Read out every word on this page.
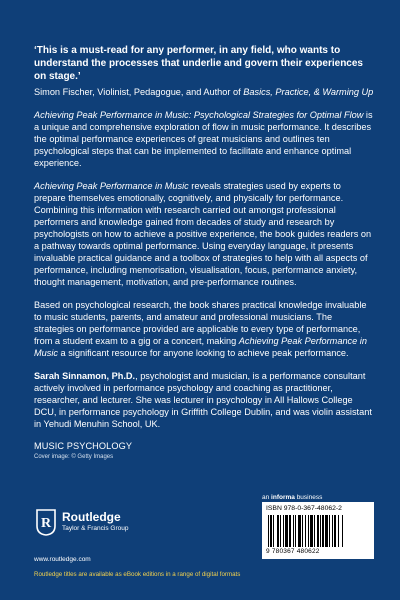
‘This is a must-read for any performer, in any field, who wants to understand the processes that underlie and govern their experiences on stage.’

Simon Fischer, Violinist, Pedagogue, and Author of Basics, Practice, & Warming Up

Achieving Peak Performance in Music: Psychological Strategies for Optimal Flow is a unique and comprehensive exploration of flow in music performance. It describes the optimal performance experiences of great musicians and outlines ten psychological steps that can be implemented to facilitate and enhance optimal experience.

Achieving Peak Performance in Music reveals strategies used by experts to prepare themselves emotionally, cognitively, and physically for performance. Combining this information with research carried out amongst professional performers and knowledge gained from decades of study and research by psychologists on how to achieve a positive experience, the book guides readers on a pathway towards optimal performance. Using everyday language, it presents invaluable practical guidance and a toolbox of strategies to help with all aspects of performance, including memorisation, visualisation, focus, performance anxiety, thought management, motivation, and pre-performance routines.

Based on psychological research, the book shares practical knowledge invaluable to music students, parents, and amateur and professional musicians. The strategies on performance provided are applicable to every type of performance, from a student exam to a gig or a concert, making Achieving Peak Performance in Music a significant resource for anyone looking to achieve peak performance.

Sarah Sinnamon, Ph.D., psychologist and musician, is a performance consultant actively involved in performance psychology and coaching as practitioner, researcher, and lecturer. She was lecturer in psychology in All Hallows College DCU, in performance psychology in Griffith College Dublin, and was violin assistant in Yehudi Menuhin School, UK.

MUSIC PSYCHOLOGY

Cover image: © Getty Images

R Routledge
Taylor & Francis Group
www.routledge.com
Routledge titles are available as eBook editions in a range of digital formats
an informa business
ISBN 978-0-367-48062-2
9 780367 480622
